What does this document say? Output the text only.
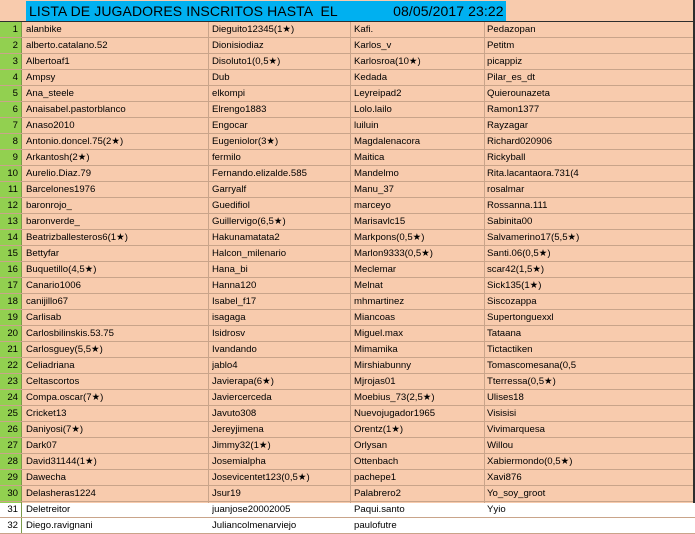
LISTA DE JUGADORES INSCRITOS HASTA  EL              08/05/2017 23:22
1 alanbike	Dieguito12345(1★)	Kafi.	Pedazopan
2 alberto.catalano.52	Dionisiodiaz	Karlos_v	Petitm
3 Albertoaf1	Disoluto1(0,5★)	Karlosroa(10★)	picappiz
4 Ampsy	Dub	Kedada	Pilar_es_dt
5 Ana_steele	elkompi	Leyreipad2	Quierounazeta
6 Anaisabel.pastorblanco	Elrengo1883	Lolo.lailo	Ramon1377
7 Anaso2010	Engocar	luiluin	Rayzagar
8 Antonio.doncel.75(2★)	Eugeniolor(3★)	Magdalenacora	Richard020906
9 Arkantosh(2★)	fermilo	Maitica	Rickyball
10 Aurelio.Diaz.79	Fernando.elizalde.585	Mandelmo	Rita.lacantaora.731(4
11 Barcelones1976	Garryalf	Manu_37	rosalmar
12 baronrojo_	Guedifiol	marceyo	Rossanna.111
13 baronverde_	Guillervigo(6,5★)	Marisavlc15	Sabinita00
14 Beatrizballesteros6(1★)	Hakunamatata2	Markpons(0,5★)	Salvamerino17(5,5★)
15 Bettyfar	Halcon_milenario	Marlon9333(0,5★)	Santi.06(0,5★)
16 Buquetillo(4,5★)	Hana_bi	Meclemar	scar42(1,5★)
17 Canario1006	Hanna120	Melnat	Sick135(1★)
18 canijillo67	Isabel_f17	mhmartinez	Siscozappa
19 Carlisab	isagaga	Miancoas	Supertonguexxl
20 Carlosbilinskis.53.75	Isidrosv	Miguel.max	Tataana
21 Carlosguey(5,5★)	Ivandando	Mimamika	Tictactiken
22 Celiadriana	jablo4	Mirshiabunny	Tomascomesana(0,5
23 Celtascortos	Javierapa(6★)	Mjrojas01	Tterressa(0,5★)
24 Compa.oscar(7★)	Javiercerceda	Moebius_73(2,5★)	Ulises18
25 Cricket13	Javuto308	Nuevojugador1965	Visisisi
26 Daniyosi(7★)	Jereyjimena	Orentz(1★)	Vivimarquesa
27 Dark07	Jimmy32(1★)	Orlysan	Willou
28 David31144(1★)	Josemialpha	Ottenbach	Xabiermondo(0,5★)
29 Dawecha	Josevicentet123(0,5★)	pachepe1	Xavi876
30 Delasheras1224	Jsur19	Palabrero2	Yo_soy_groot
31 Deletreitor	juanjose20002005	Paqui.santo	Yyio
32 Diego.ravignani	Juliancolmenarviejo	paulofutre
